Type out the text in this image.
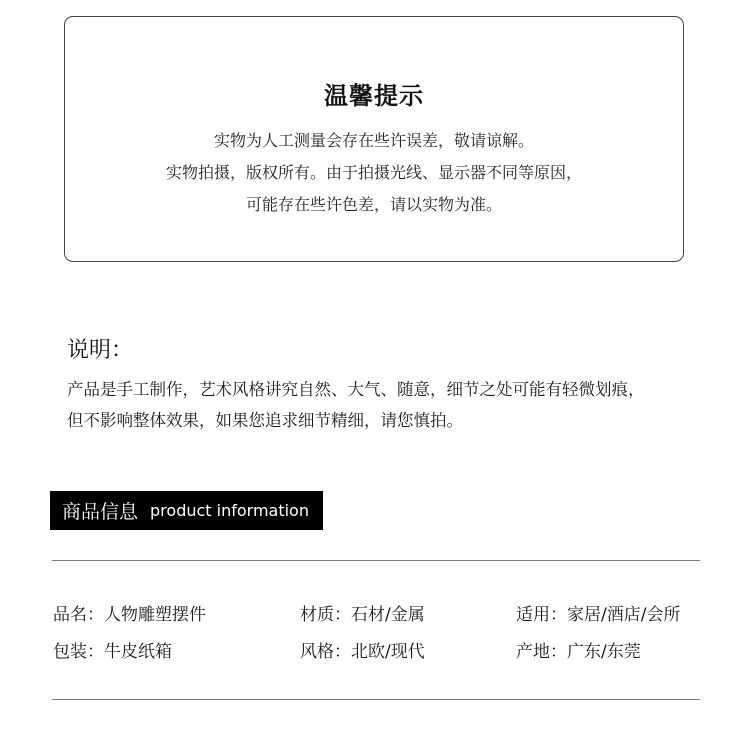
温馨提示
实物为人工测量会存在些许误差，敬请谅解。
实物拍摄，版权所有。由于拍摄光线、显示器不同等原因，
可能存在些许色差，请以实物为准。
说明：
产品是手工制作，艺术风格讲究自然、大气、随意，细节之处可能有轻微划痕，
但不影响整体效果，如果您追求细节精细，请您慎拍。
商品信息 product information
品名：人物雕塑摆件	材质：石材/金属	适用：家居/酒店/会所
包装：牛皮纸箱	风格：北欧/现代	产地：广东/东莞
